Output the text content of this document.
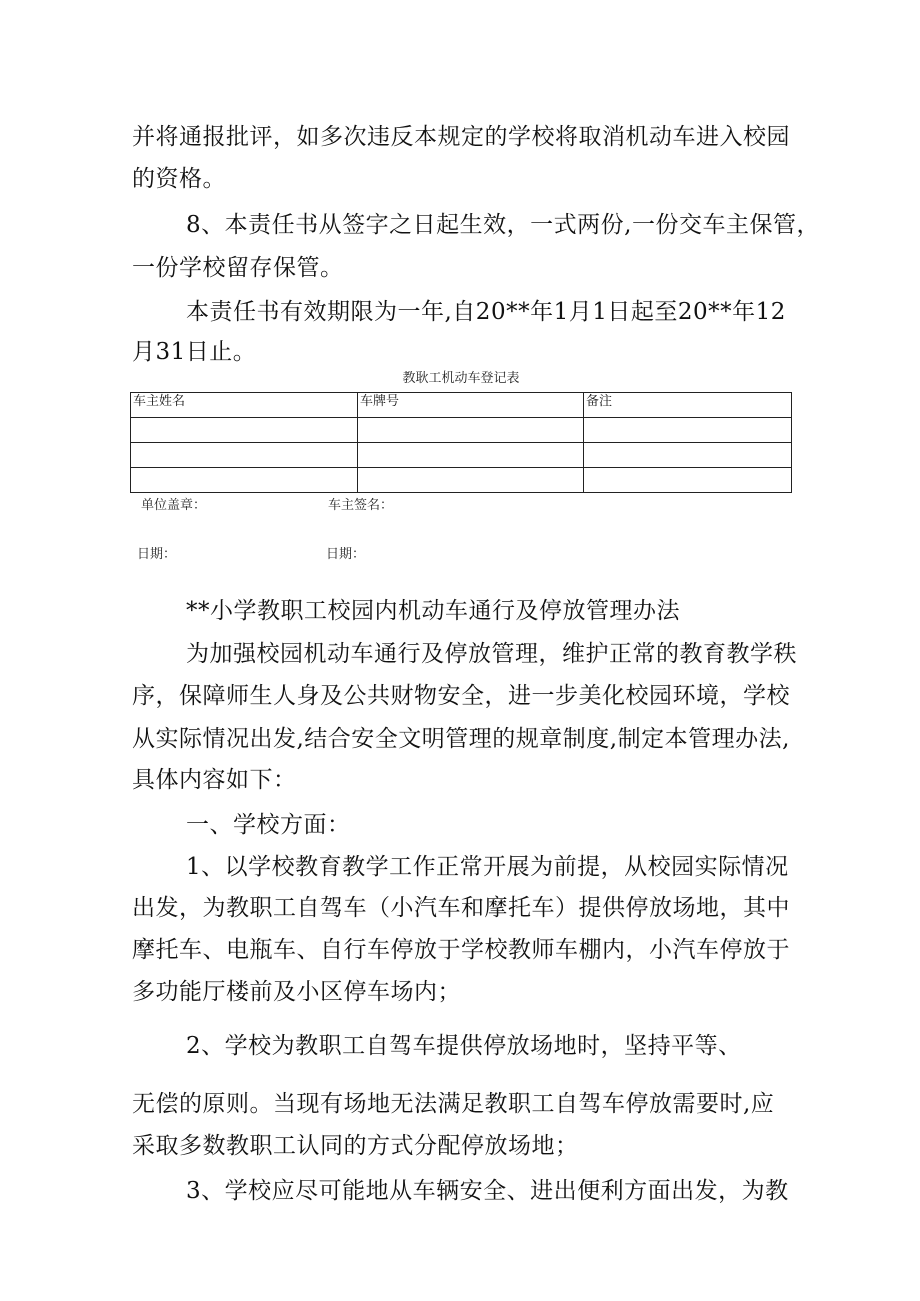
并将通报批评，如多次违反本规定的学校将取消机动车进入校园
的资格。
8、本责任书从签字之日起生效，一式两份,一份交车主保管，
一份学校留存保管。
本责任书有效期限为一年,自20**年1月1日起至20**年12
月31日止。
教耿工机动车登记表
车主姓名	车牌号	备注

单位盖章：	车主签名：
日期：	日期：
**小学教职工校园内机动车通行及停放管理办法
为加强校园机动车通行及停放管理，维护正常的教育教学秩
序，保障师生人身及公共财物安全，进一步美化校园环境，学校
从实际情况出发,结合安全文明管理的规章制度,制定本管理办法,
具体内容如下：
一、学校方面：
1、以学校教育教学工作正常开展为前提，从校园实际情况
出发，为教职工自驾车（小汽车和摩托车）提供停放场地，其中
摩托车、电瓶车、自行车停放于学校教师车棚内，小汽车停放于
多功能厅楼前及小区停车场内；
2、学校为教职工自驾车提供停放场地时，坚持平等、
无偿的原则。当现有场地无法满足教职工自驾车停放需要时,应
采取多数教职工认同的方式分配停放场地；
3、学校应尽可能地从车辆安全、进出便利方面出发，为教
